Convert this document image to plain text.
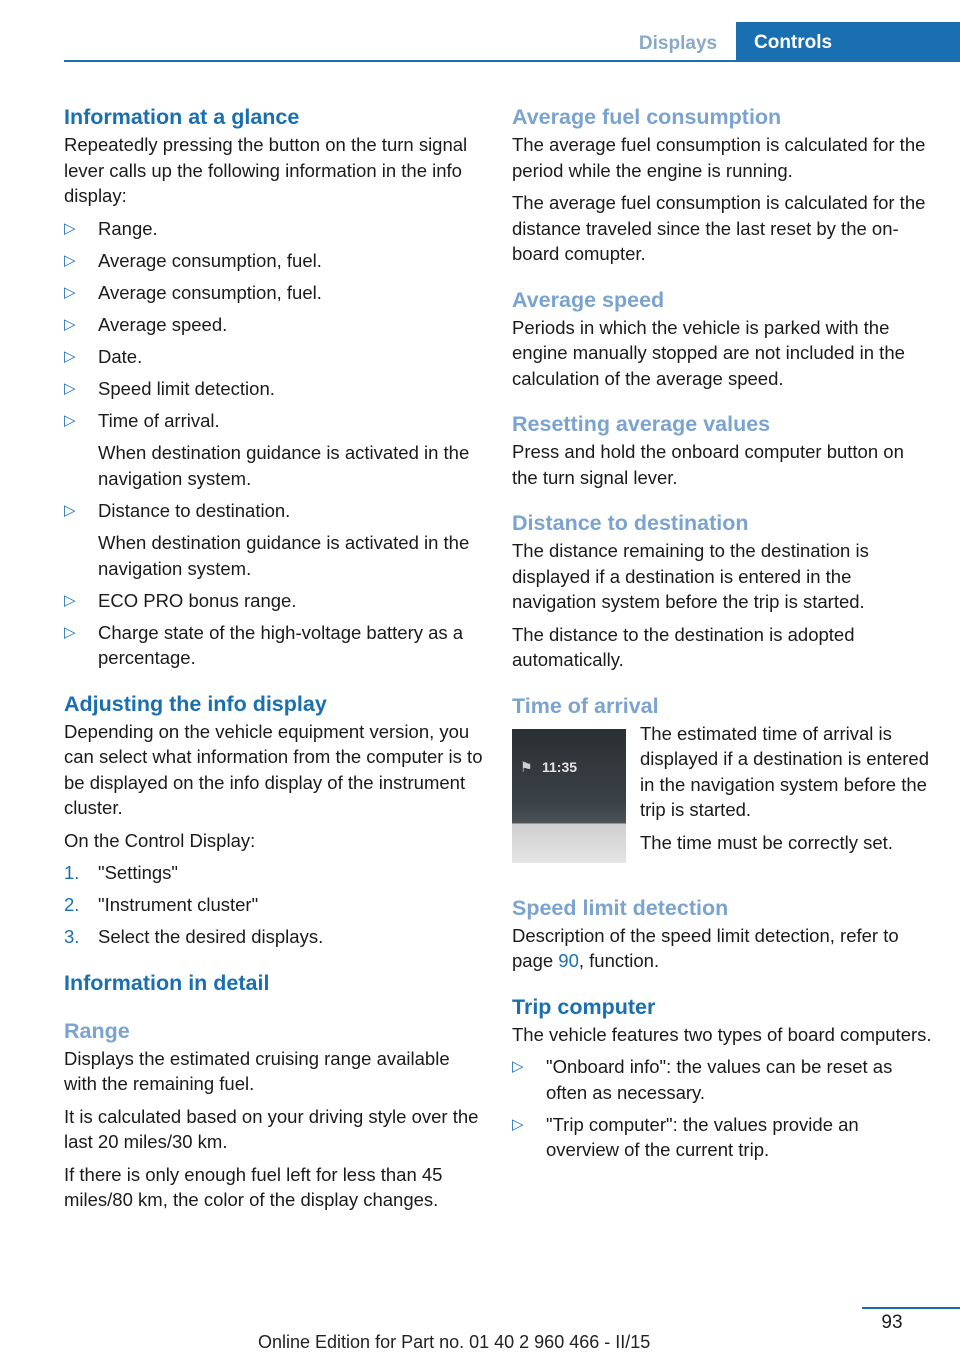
Displays	Controls
Information at a glance

Repeatedly pressing the button on the turn signal lever calls up the following information in the info display:

▷ Range.
▷ Average consumption, fuel.
▷ Average consumption, fuel.
▷ Average speed.
▷ Date.
▷ Speed limit detection.
▷ Time of arrival.
When destination guidance is activated in the navigation system.
▷ Distance to destination.
When destination guidance is activated in the navigation system.
▷ ECO PRO bonus range.
▷ Charge state of the high-voltage battery as a percentage.
Adjusting the info display

Depending on the vehicle equipment version, you can select what information from the computer is to be displayed on the info display of the instrument cluster.

On the Control Display:

1. "Settings"
2. "Instrument cluster"
3. Select the desired displays.
Information in detail
Range

Displays the estimated cruising range available with the remaining fuel.

It is calculated based on your driving style over the last 20 miles/30 km.

If there is only enough fuel left for less than 45 miles/80 km, the color of the display changes.

Average fuel consumption

The average fuel consumption is calculated for the period while the engine is running.

The average fuel consumption is calculated for the distance traveled since the last reset by the on-board comupter.

Average speed

Periods in which the vehicle is parked with the engine manually stopped are not included in the calculation of the average speed.

Resetting average values

Press and hold the onboard computer button on the turn signal lever.

Distance to destination

The distance remaining to the destination is displayed if a destination is entered in the navigation system before the trip is started.

The distance to the destination is adopted automatically.

Time of arrival
⚑ 11:35

The estimated time of arrival is displayed if a destination is entered in the navigation system before the trip is started.

The time must be correctly set.

Speed limit detection

Description of the speed limit detection, refer to page 90, function.

Trip computer

The vehicle features two types of board computers.

▷ "Onboard info": the values can be reset as often as necessary.
▷ "Trip computer": the values provide an overview of the current trip.
93
Online Edition for Part no. 01 40 2 960 466 - II/15
